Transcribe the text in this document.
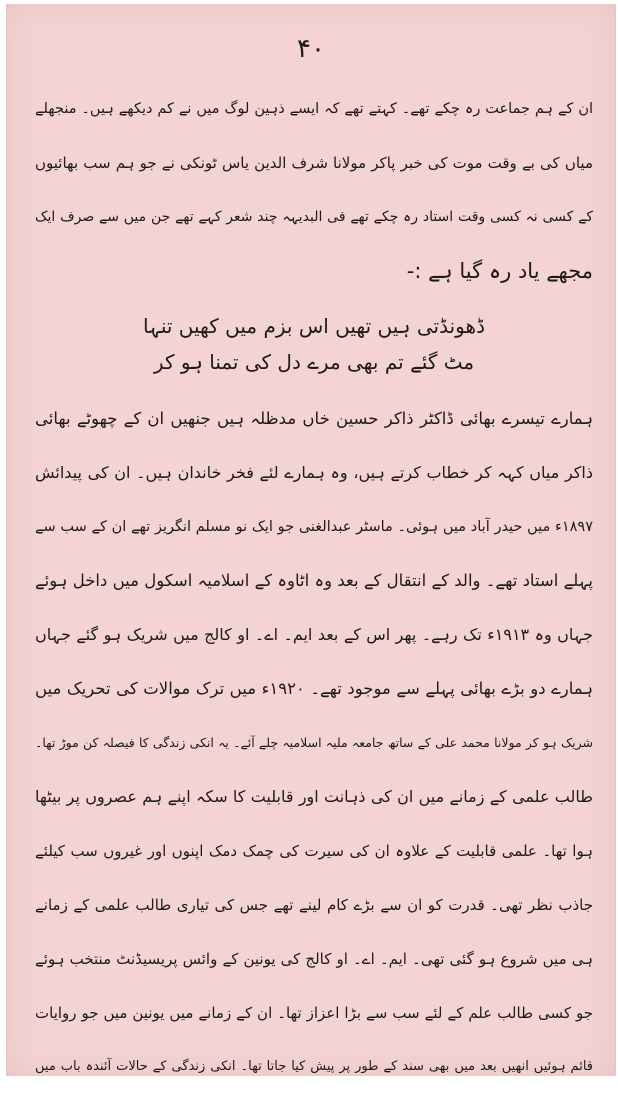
۴۰
ان کے ہم جماعت رہ چکے تھے۔ کہتے تھے کہ ایسے ذہین لوگ میں نے کم دیکھے ہیں۔ منجھلے
میاں کی بے وقت موت کی خبر پاکر مولانا شرف الدین یاس ٹونکی نے جو ہم سب بھائیوں
کے کسی نہ کسی وقت استاد رہ چکے تھے فی البدیہہ چند شعر کہے تھے جن میں سے صرف ایک
مجھے یاد رہ گیا ہے :-
ڈھونڈتی ہیں تھیں اس بزم میں کھیں تنہا
مٹ گئے تم بھی مرے دل کی تمنا ہو کر
ہمارے تیسرے بھائی ڈاکٹر ذاکر حسین خاں مدظلہ ہیں جنھیں ان کے چھوٹے بھائی
ذاکر میاں کہہ کر خطاب کرتے ہیں، وہ ہمارے لئے فخر خاندان ہیں۔ ان کی پیدائش
۱۸۹۷ء میں حیدر آباد میں ہوئی۔ ماسٹر عبدالغنی جو ایک نو مسلم انگریز تھے ان کے سب سے
پہلے استاد تھے۔ والد کے انتقال کے بعد وہ اٹاوہ کے اسلامیہ اسکول میں داخل ہوئے
جہاں وہ ۱۹۱۳ء تک رہے۔ پھر اس کے بعد ایم۔ اے۔ او کالج میں شریک ہو گئے جہاں
ہمارے دو بڑے بھائی پہلے سے موجود تھے۔ ۱۹۲۰ء میں ترک موالات کی تحریک میں
شریک ہو کر مولانا محمد علی کے ساتھ جامعہ ملیہ اسلامیہ چلے آئے۔ یہ انکی زندگی کا فیصلہ کن موڑ تھا۔
طالب علمی کے زمانے میں ان کی ذہانت اور قابلیت کا سکہ اپنے ہم عصروں پر بیٹھا
ہوا تھا۔ علمی قابلیت کے علاوہ ان کی سیرت کی چمک دمک اپنوں اور غیروں سب کیلئے
جاذب نظر تھی۔ قدرت کو ان سے بڑے کام لینے تھے جس کی تیاری طالب علمی کے زمانے
ہی میں شروع ہو گئی تھی۔ ایم۔ اے۔ او کالج کی یونین کے وائس پریسیڈنٹ منتخب ہوئے
جو کسی طالب علم کے لئے سب سے بڑا اعزاز تھا۔ ان کے زمانے میں یونین میں جو روایات
قائم ہوئیں انھیں بعد میں بھی سند کے طور پر پیش کیا جاتا تھا۔ انکی زندگی کے حالات آئندہ باب میں
